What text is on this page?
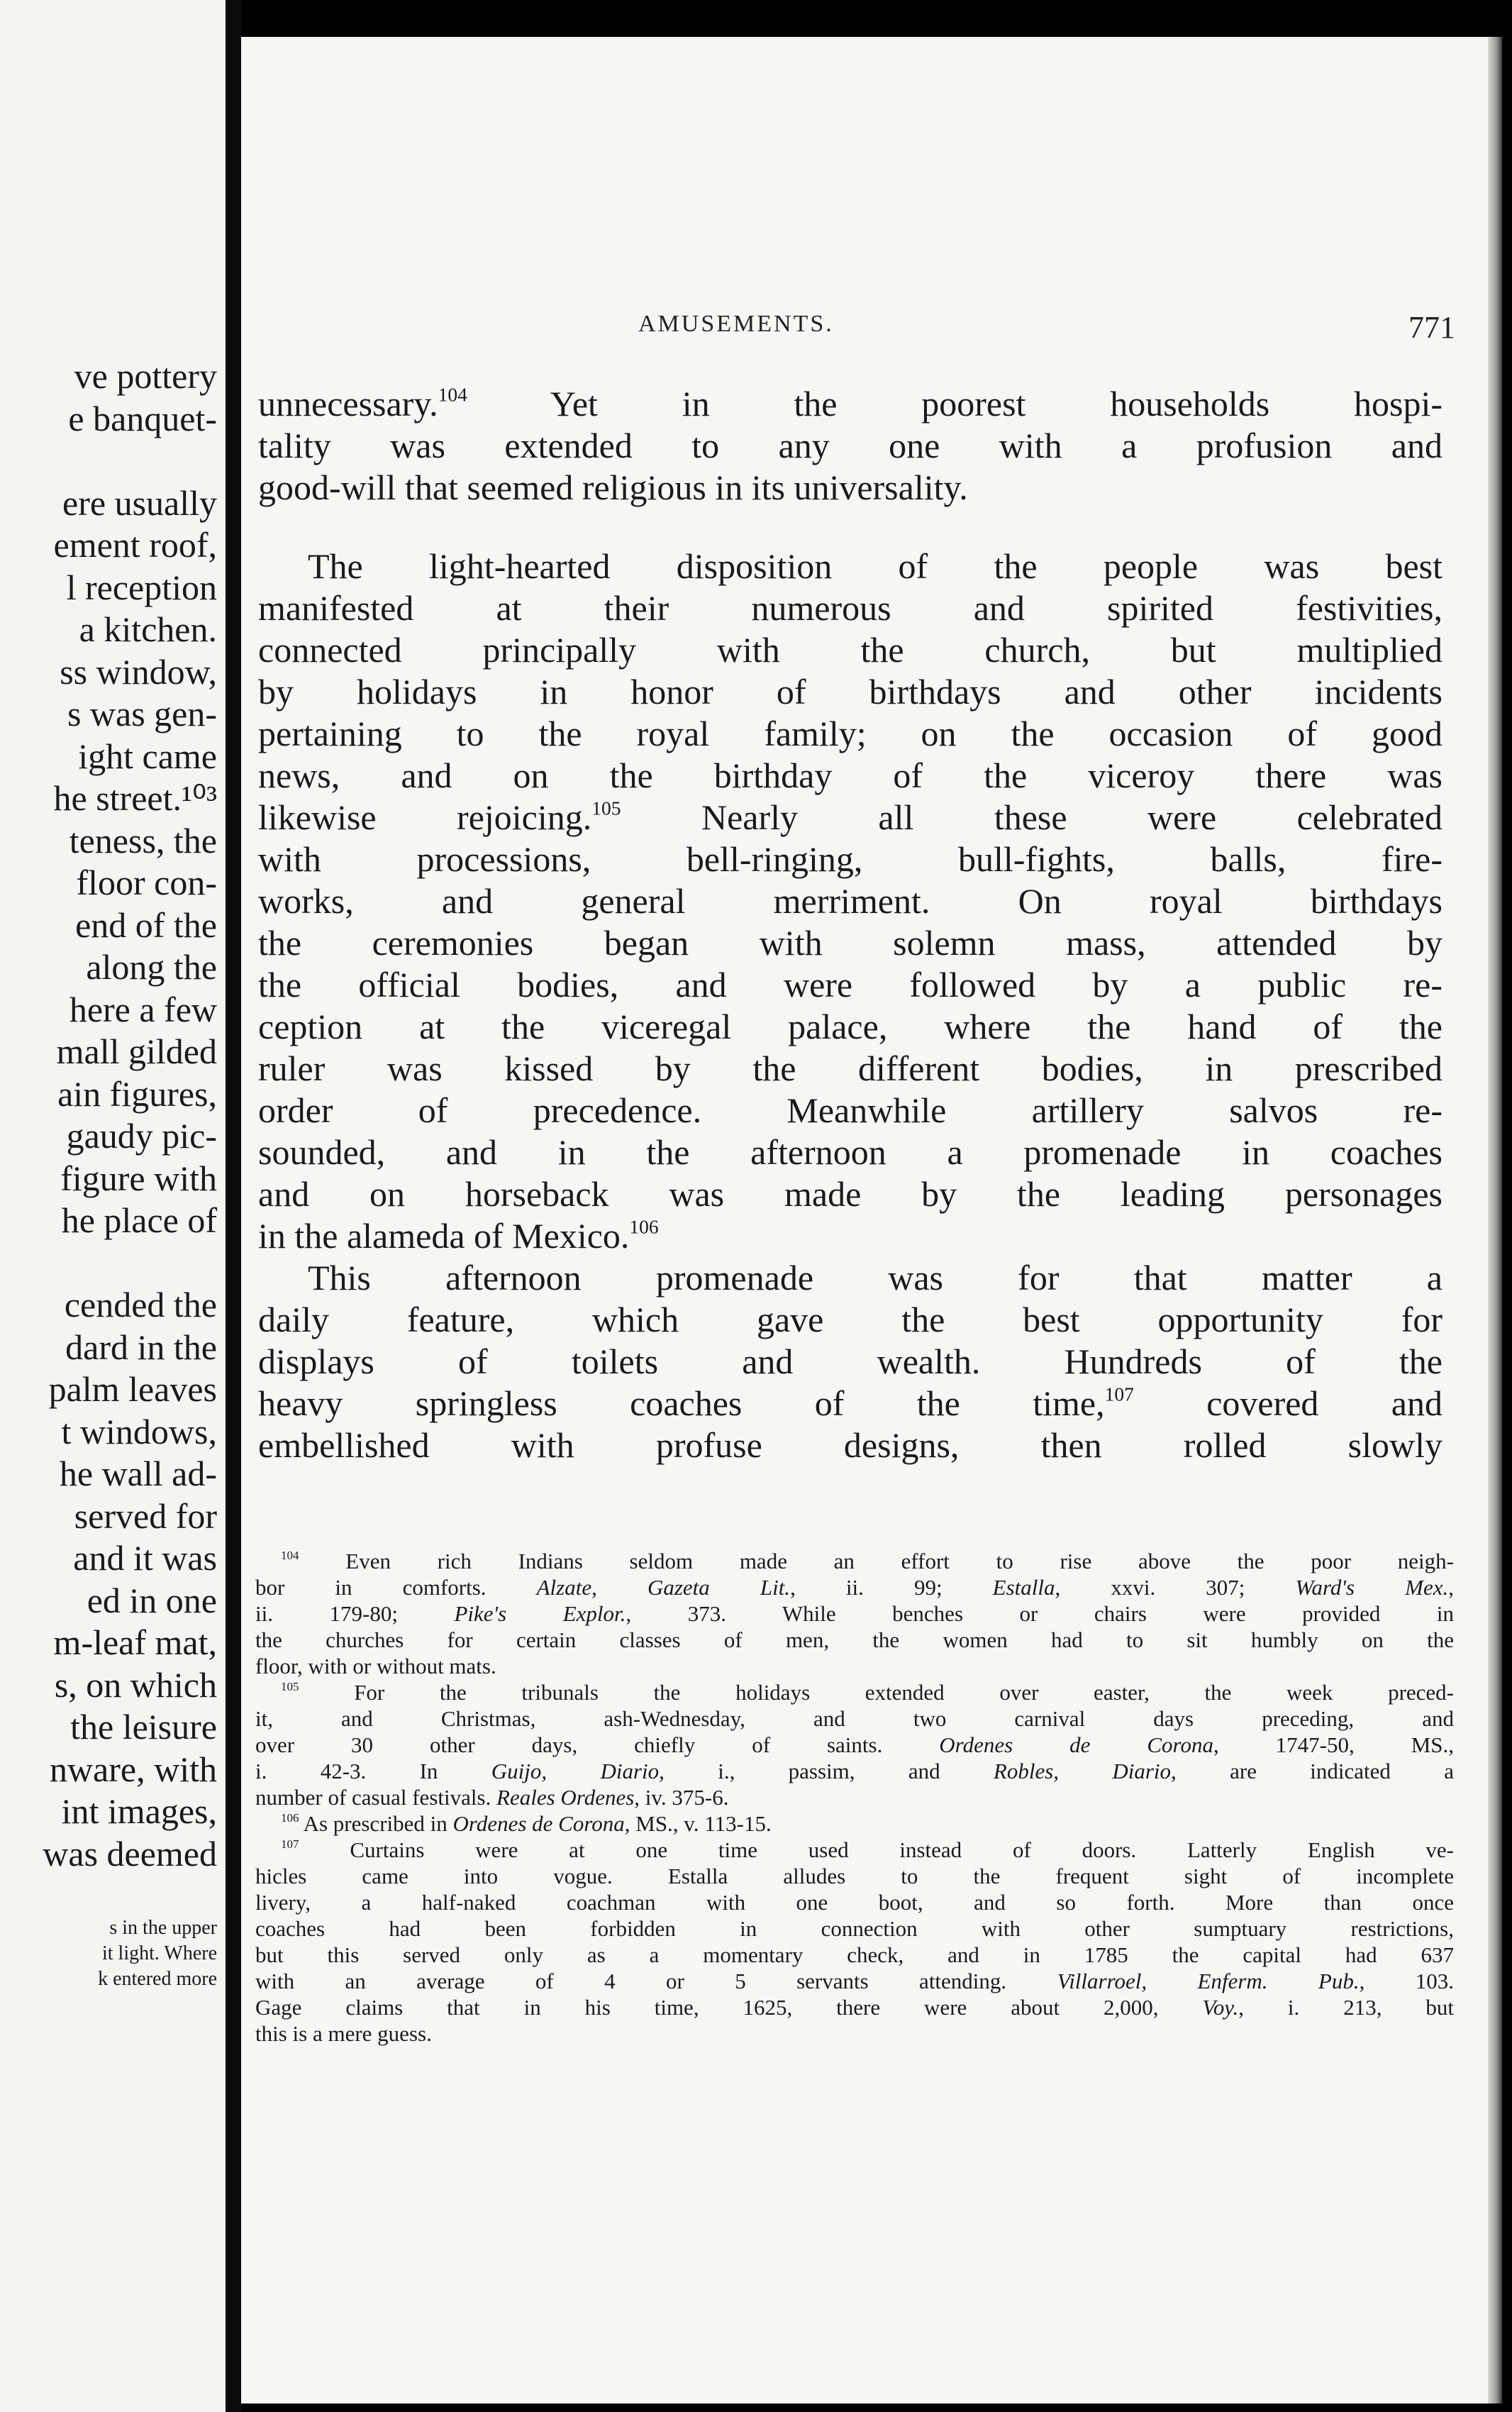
ve pottery
e banquet-
ere usually
ement roof,
l reception
a kitchen.
ss window,
s was gen-
ight came
he street.¹⁰³
teness, the
floor con-
end of the
along the
here a few
mall gilded
ain figures,
gaudy pic-
figure with
he place of
cended the
dard in the
palm leaves
t windows,
he wall ad-
served for
and it was
ed in one
m-leaf mat,
s, on which
the leisure
nware, with
int images,
was deemed
s in the upper
it light. Where
k entered more
AMUSEMENTS.	771
unnecessary.$^{104}$ Yet in the poorest households hospi-
tality was extended to any one with a profusion and
good-will that seemed religious in its universality.
The light-hearted disposition of the people was best
manifested at their numerous and spirited festivities,
connected principally with the church, but multiplied
by holidays in honor of birthdays and other incidents
pertaining to the royal family; on the occasion of good
news, and on the birthday of the viceroy there was
likewise rejoicing.$^{105}$ Nearly all these were celebrated
with processions, bell-ringing, bull-fights, balls, fire-
works, and general merriment. On royal birthdays
the ceremonies began with solemn mass, attended by
the official bodies, and were followed by a public re-
ception at the viceregal palace, where the hand of the
ruler was kissed by the different bodies, in prescribed
order of precedence. Meanwhile artillery salvos re-
sounded, and in the afternoon a promenade in coaches
and on horseback was made by the leading personages
in the alameda of Mexico.$^{106}$
This afternoon promenade was for that matter a
daily feature, which gave the best opportunity for
displays of toilets and wealth. Hundreds of the
heavy springless coaches of the time,$^{107}$ covered and
embellished with profuse designs, then rolled slowly
$^{104}$ Even rich Indians seldom made an effort to rise above the poor neigh-
bor in comforts. Alzate, Gazeta Lit., ii. 99; Estalla, xxvi. 307; Ward's Mex.,
ii. 179-80; Pike's Explor., 373. While benches or chairs were provided in
the churches for certain classes of men, the women had to sit humbly on the
floor, with or without mats.
$^{105}$ For the tribunals the holidays extended over easter, the week preced-
it, and Christmas, ash-Wednesday, and two carnival days preceding, and
over 30 other days, chiefly of saints. Ordenes de Corona, 1747-50, MS.,
i. 42-3. In Guijo, Diario, i., passim, and Robles, Diario, are indicated a
number of casual festivals. Reales Ordenes, iv. 375-6.
$^{106}$ As prescribed in Ordenes de Corona, MS., v. 113-15.
$^{107}$ Curtains were at one time used instead of doors. Latterly English ve-
hicles came into vogue. Estalla alludes to the frequent sight of incomplete
livery, a half-naked coachman with one boot, and so forth. More than once
coaches had been forbidden in connection with other sumptuary restrictions,
but this served only as a momentary check, and in 1785 the capital had 637
with an average of 4 or 5 servants attending. Villarroel, Enferm. Pub., 103.
Gage claims that in his time, 1625, there were about 2,000, Voy., i. 213, but
this is a mere guess.
